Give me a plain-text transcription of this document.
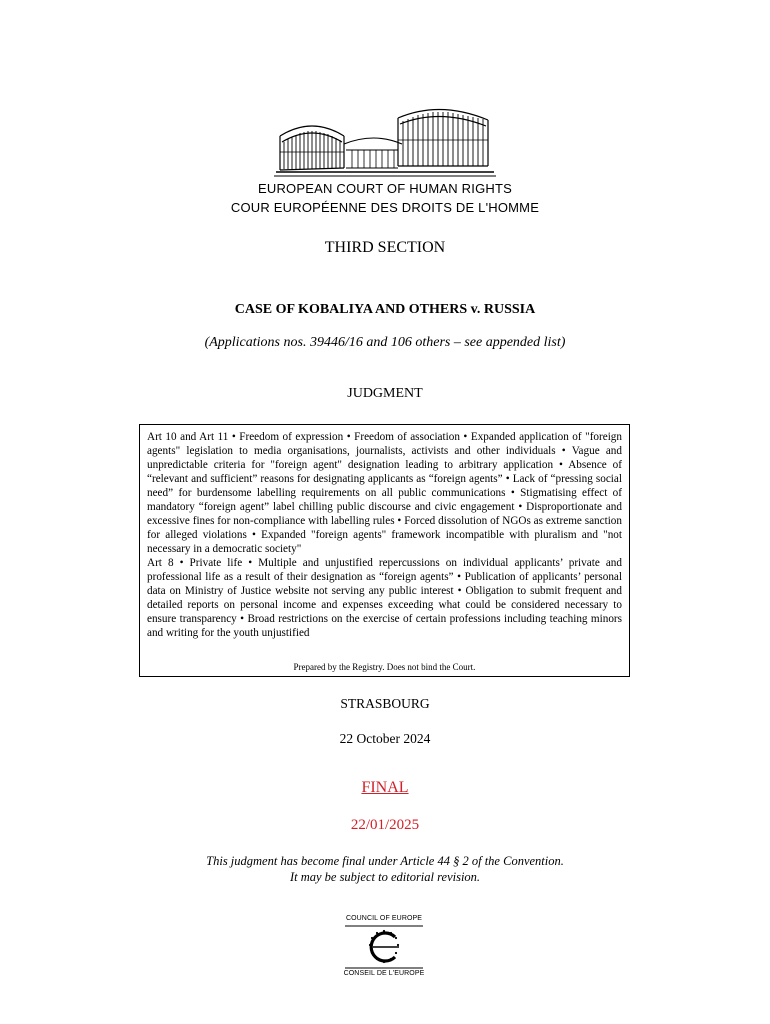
EUROPEAN COURT OF HUMAN RIGHTS
COUR EUROPÉENNE DES DROITS DE L'HOMME
THIRD SECTION
CASE OF KOBALIYA AND OTHERS v. RUSSIA
(Applications nos. 39446/16 and 106 others – see appended list)
JUDGMENT

Art 10 and Art 11 • Freedom of expression • Freedom of association • Expanded application of "foreign agents" legislation to media organisations, journalists, activists and other individuals • Vague and unpredictable criteria for "foreign agent" designation leading to arbitrary application • Absence of “relevant and sufficient” reasons for designating applicants as “foreign agents” • Lack of “pressing social need” for burdensome labelling requirements on all public communications • Stigmatising effect of mandatory “foreign agent” label chilling public discourse and civic engagement • Disproportionate and excessive fines for non-compliance with labelling rules • Forced dissolution of NGOs as extreme sanction for alleged violations • Expanded "foreign agents" framework incompatible with pluralism and "not necessary in a democratic society"

Art 8 • Private life • Multiple and unjustified repercussions on individual applicants’ private and professional life as a result of their designation as “foreign agents” • Publication of applicants’ personal data on Ministry of Justice website not serving any public interest • Obligation to submit frequent and detailed reports on personal income and expenses exceeding what could be considered necessary to ensure transparency • Broad restrictions on the exercise of certain professions including teaching minors and writing for the youth unjustified

Prepared by the Registry. Does not bind the Court.
STRASBOURG
22 October 2024
FINAL
22/01/2025
This judgment has become final under Article 44 § 2 of the Convention.
It may be subject to editorial revision.
COUNCIL OF EUROPE
CONSEIL DE L'EUROPE
